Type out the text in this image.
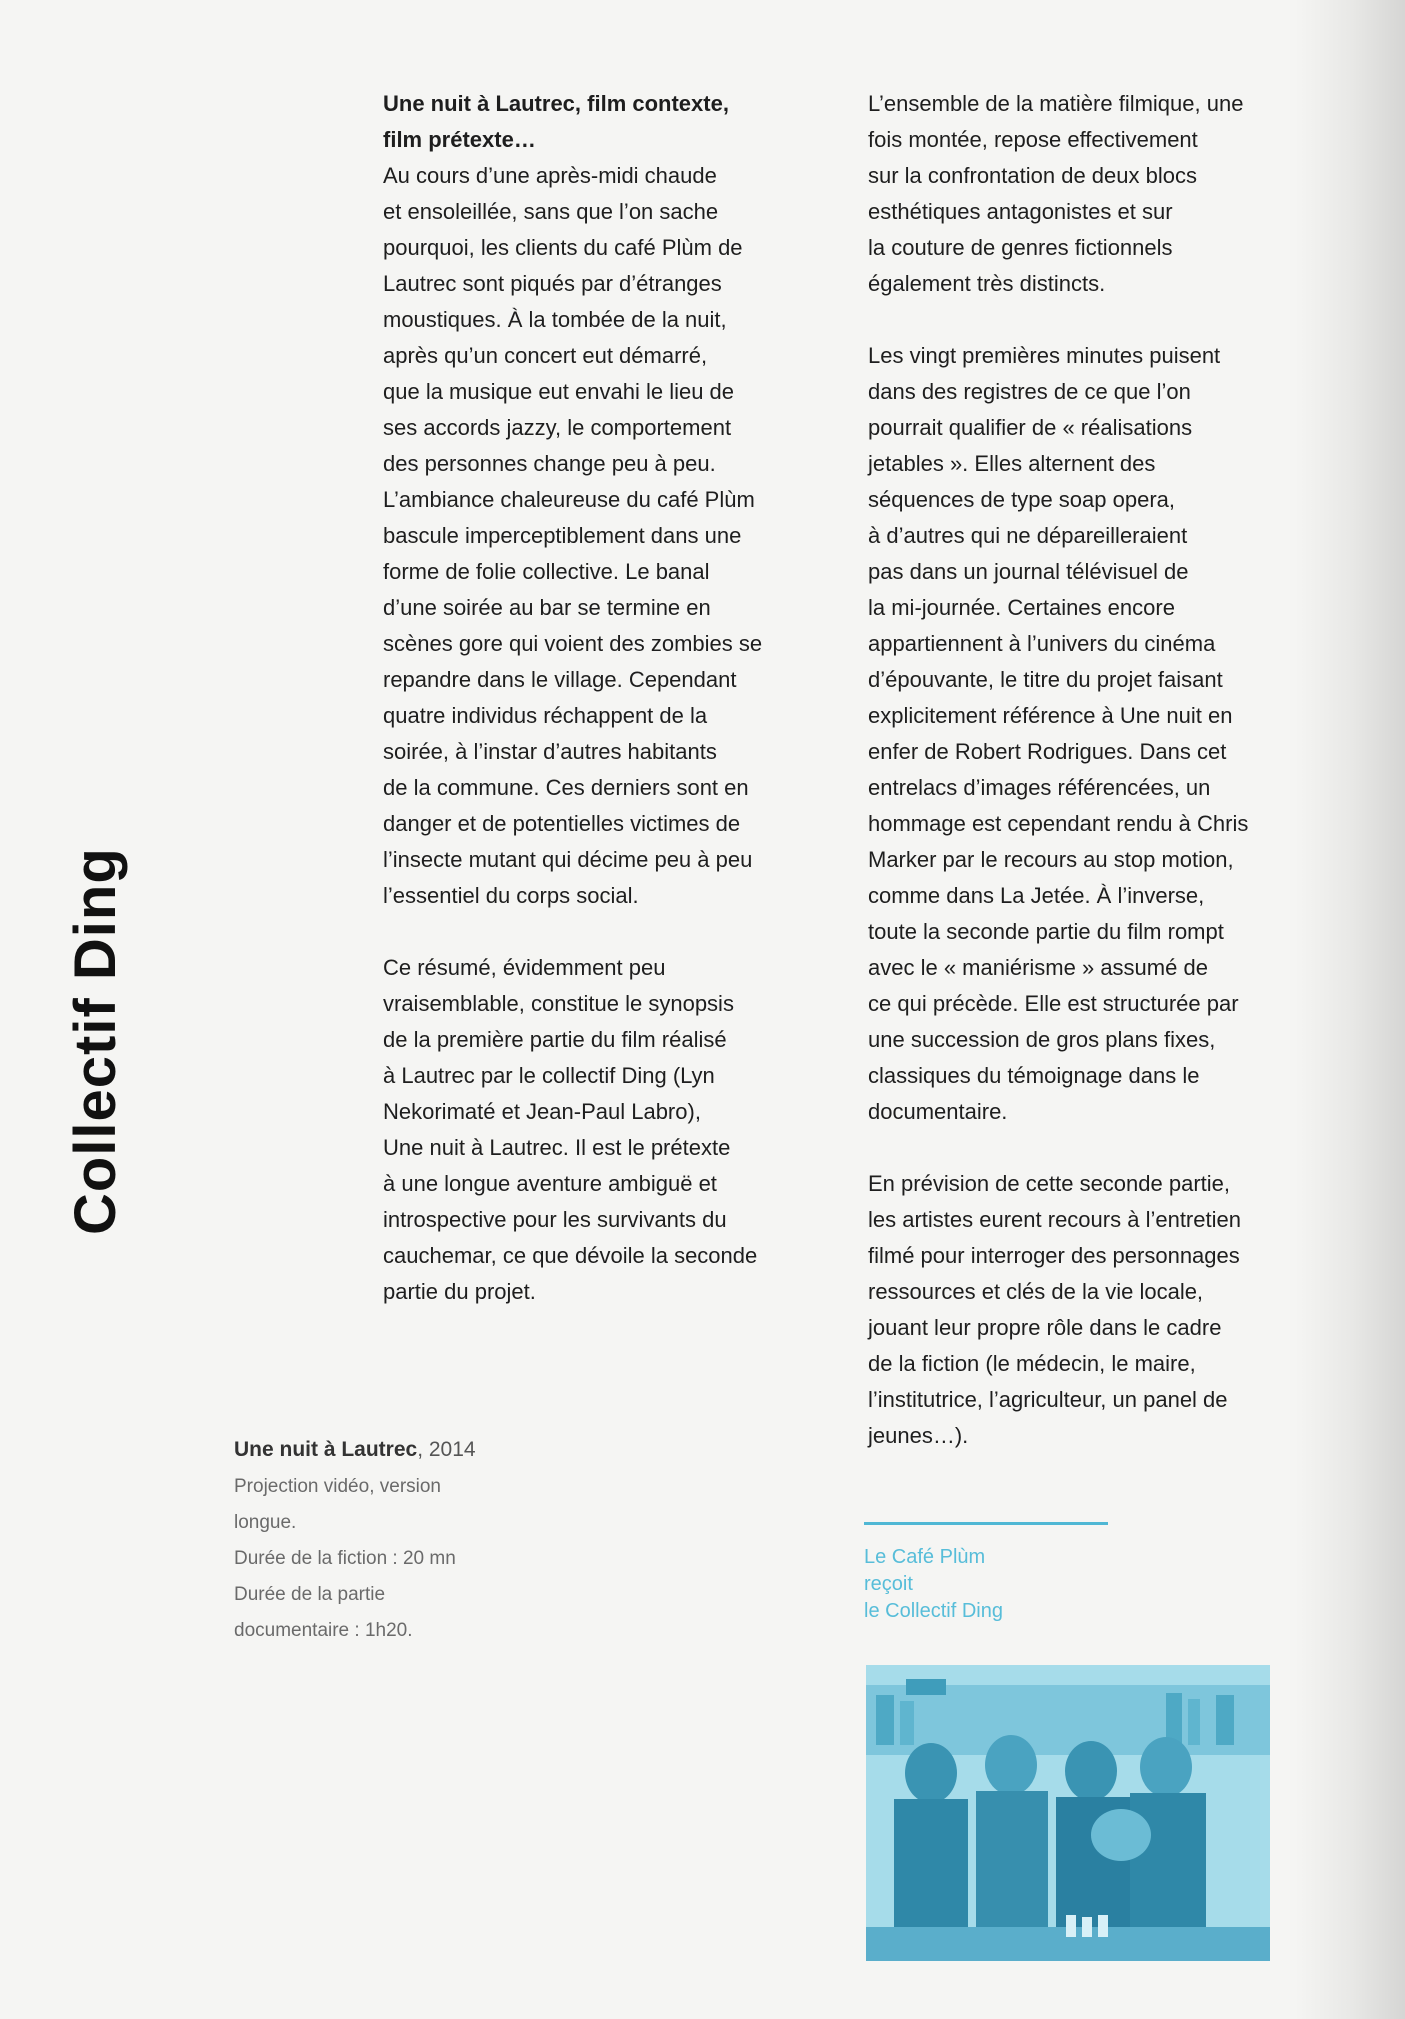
Collectif Ding

Une nuit à Lautrec, film contexte,
film prétexte…

Au cours d’une après-midi chaude
et ensoleillée, sans que l’on sache
pourquoi, les clients du café Plùm de
Lautrec sont piqués par d’étranges
moustiques. À la tombée de la nuit,
après qu’un concert eut démarré,
que la musique eut envahi le lieu de
ses accords jazzy, le comportement
des personnes change peu à peu.
L’ambiance chaleureuse du café Plùm
bascule imperceptiblement dans une
forme de folie collective. Le banal
d’une soirée au bar se termine en
scènes gore qui voient des zombies se
repandre dans le village. Cependant
quatre individus réchappent de la
soirée, à l’instar d’autres habitants
de la commune. Ces derniers sont en
danger et de potentielles victimes de
l’insecte mutant qui décime peu à peu
l’essentiel du corps social.

Ce résumé, évidemment peu
vraisemblable, constitue le synopsis
de la première partie du film réalisé
à Lautrec par le collectif Ding (Lyn
Nekorimaté et Jean-Paul Labro),
Une nuit à Lautrec. Il est le prétexte
à une longue aventure ambiguë et
introspective pour les survivants du
cauchemar, ce que dévoile la seconde
partie du projet.

L’ensemble de la matière filmique, une
fois montée, repose effectivement
sur la confrontation de deux blocs
esthétiques antagonistes et sur
la couture de genres fictionnels
également très distincts.

Les vingt premières minutes puisent
dans des registres de ce que l’on
pourrait qualifier de « réalisations
jetables ». Elles alternent des
séquences de type soap opera,
à d’autres qui ne dépareilleraient
pas dans un journal télévisuel de
la mi-journée. Certaines encore
appartiennent à l’univers du cinéma
d’épouvante, le titre du projet faisant
explicitement référence à Une nuit en
enfer de Robert Rodrigues. Dans cet
entrelacs d’images référencées, un
hommage est cependant rendu à Chris
Marker par le recours au stop motion,
comme dans La Jetée. À l’inverse,
toute la seconde partie du film rompt
avec le « maniérisme » assumé de
ce qui précède. Elle est structurée par
une succession de gros plans fixes,
classiques du témoignage dans le
documentaire.

En prévision de cette seconde partie,
les artistes eurent recours à l’entretien
filmé pour interroger des personnages
ressources et clés de la vie locale,
jouant leur propre rôle dans le cadre
de la fiction (le médecin, le maire,
l’institutrice, l’agriculteur, un panel de
jeunes…).

Une nuit à Lautrec, 2014
Projection vidéo, version
longue.
Durée de la fiction : 20 mn
Durée de la partie
documentaire : 1h20.
Le Café Plùm
reçoit
le Collectif Ding
